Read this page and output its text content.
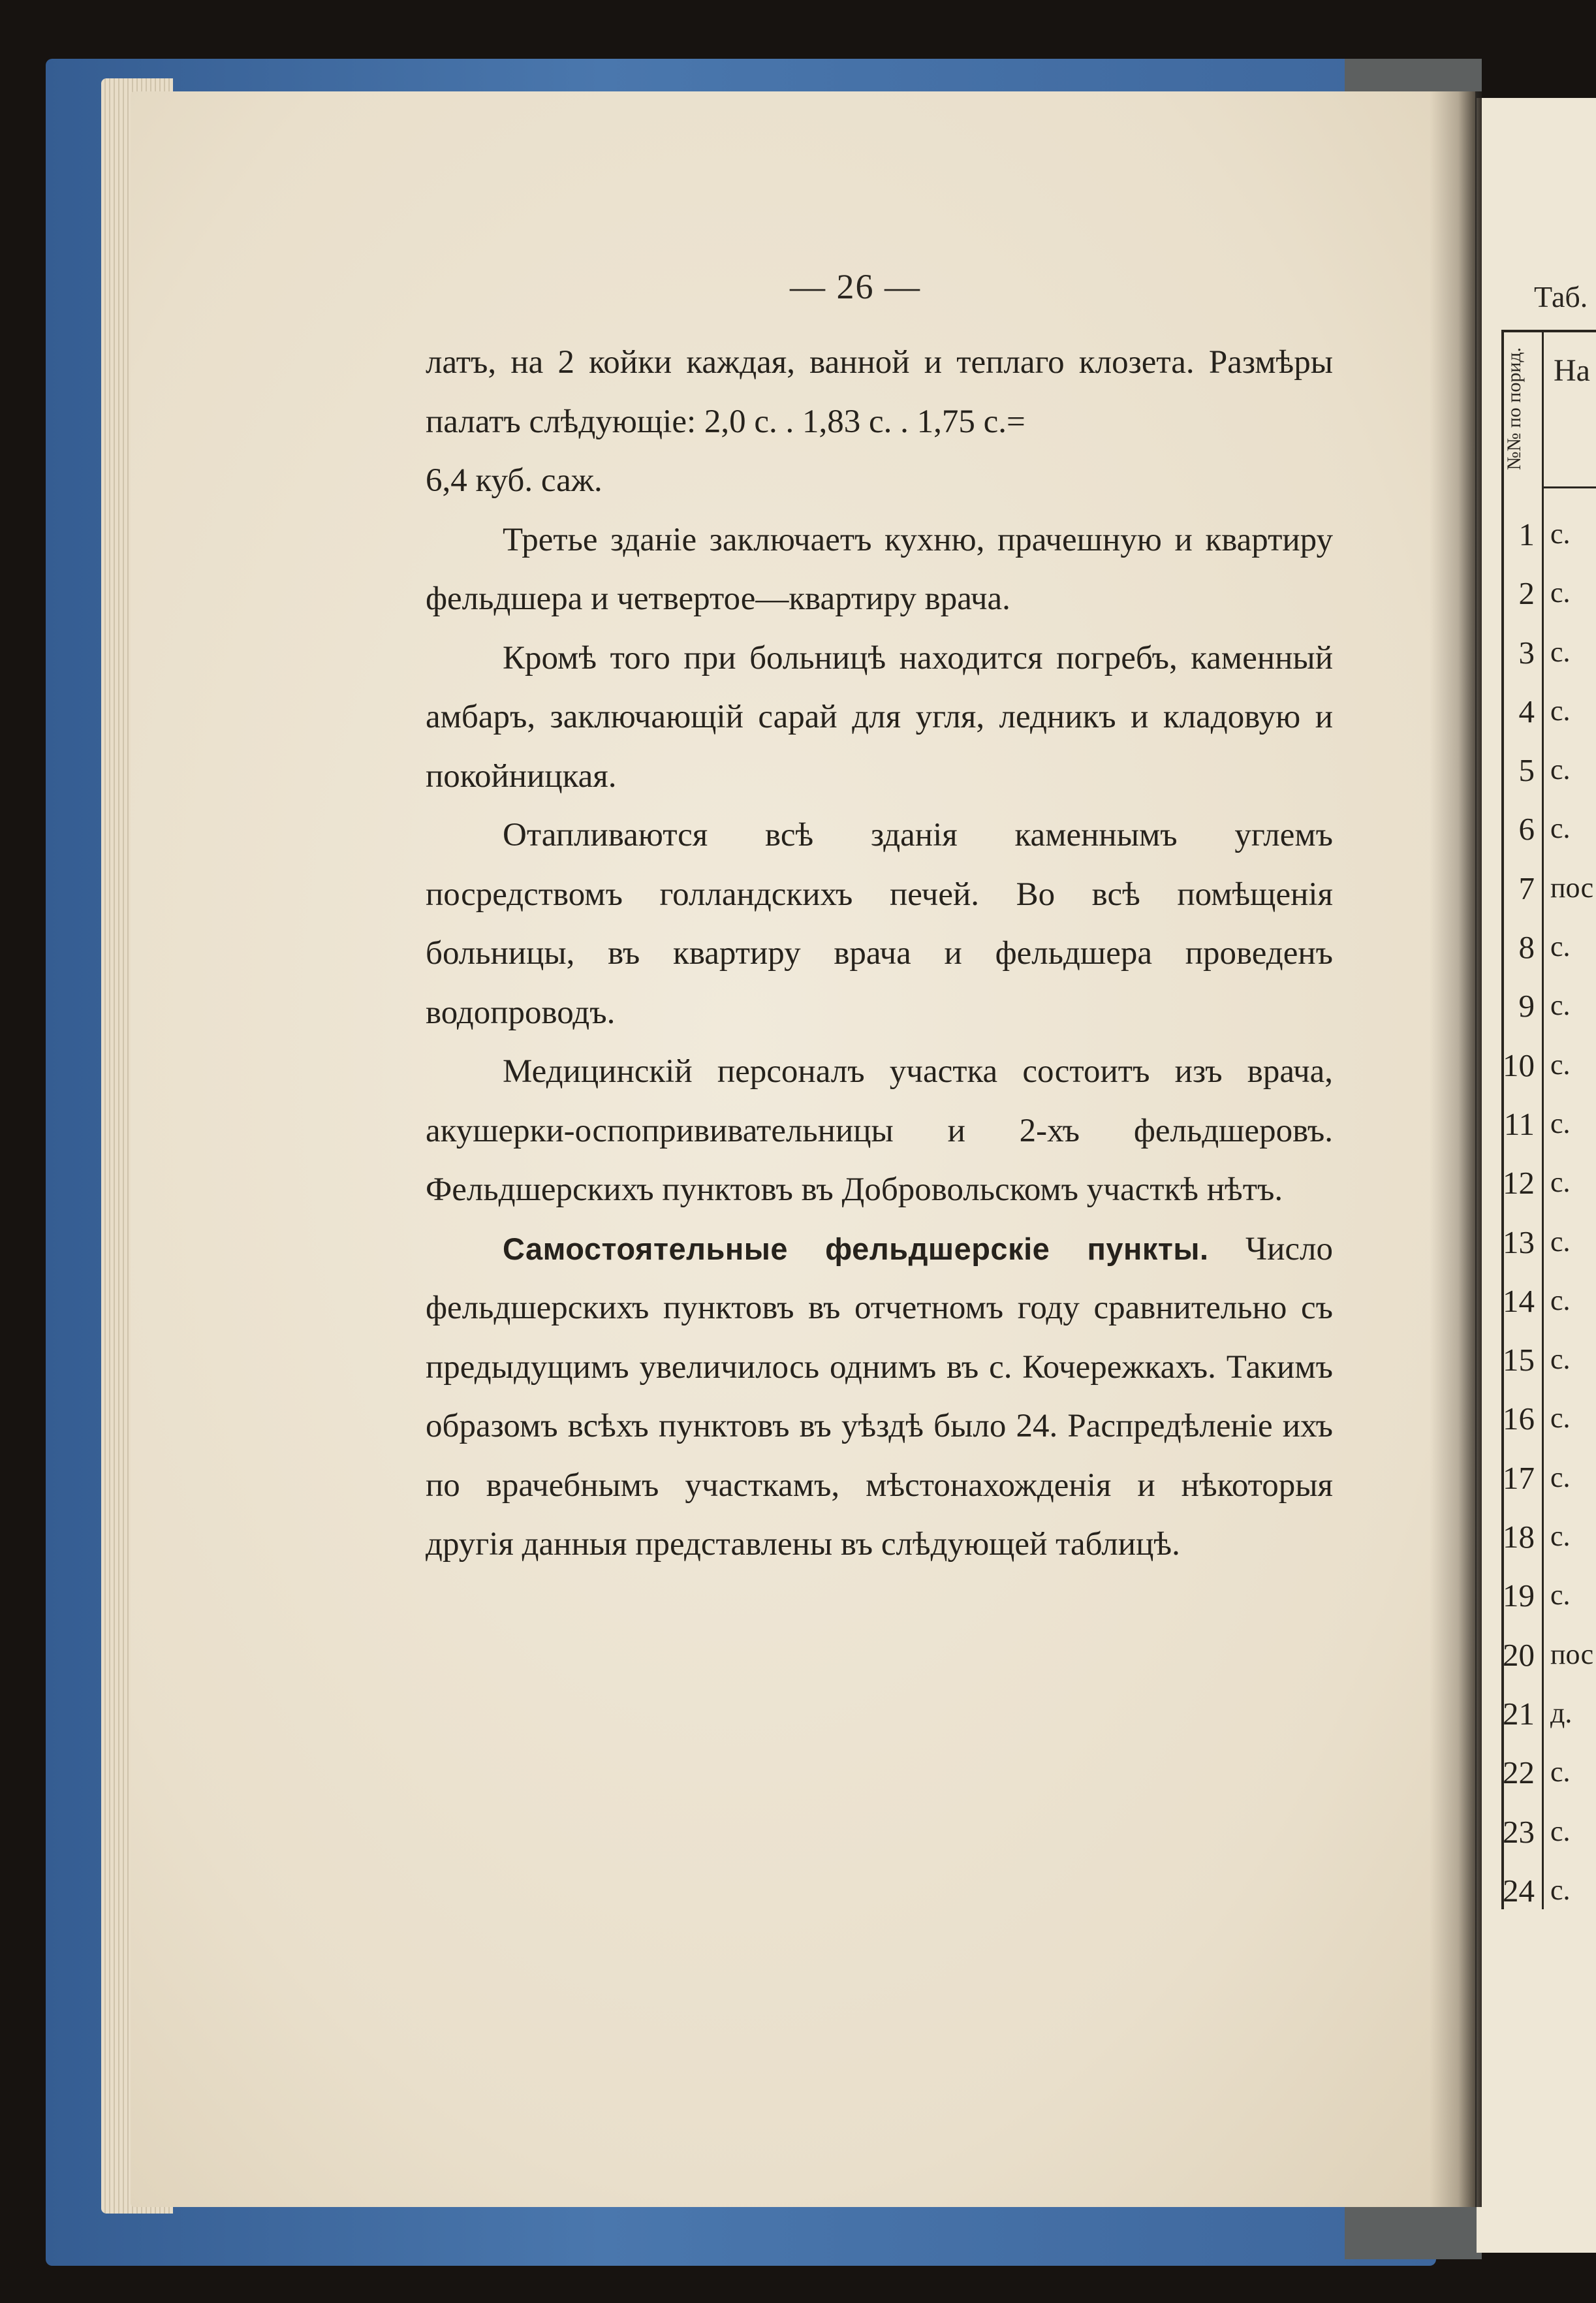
— 26 —

латъ, на 2 койки каждая, ванной и теплаго клозета. Размѣры палатъ слѣдующіе: 2,0 с. . 1,83 с. . 1,75 с.=
6,4 куб. саж.

Третье зданіе заключаетъ кухню, прачешную и квартиру фельдшера и четвертое—квартиру врача.

Кромѣ того при больницѣ находится погребъ, каменный амбаръ, заключающій сарай для угля, ледникъ и кладовую и покойницкая.

Отапливаются всѣ зданія каменнымъ углемъ посредствомъ голландскихъ печей. Во всѣ помѣщенія больницы, въ квартиру врача и фельдшера проведенъ водопроводъ.

Медицинскій персоналъ участка состоитъ изъ врача, акушерки-оспопрививательницы и 2-хъ фельдшеровъ. Фельдшерскихъ пунктовъ въ Добровольскомъ участкѣ нѣтъ.

Самостоятельные фельдшерскіе пункты. Число фельдшерскихъ пунктовъ въ отчетномъ году сравнительно съ предыдущимъ увеличилось однимъ въ с. Кочережкахъ. Такимъ образомъ всѣхъ пунктовъ въ уѣздѣ было 24. Распредѣленіе ихъ по врачебнымъ участкамъ, мѣстонахожденія и нѣкоторыя другія данныя представлены въ слѣдующей таблицѣ.

Таб.
№№ по порид. На
1 с.
2 с.
3 с.
4 с.
5 с.
6 с.
7 пос
8 с.
9 с.
10 с.
11 с.
12 с.
13 с.
14 с.
15 с.
16 с.
17 с.
18 с.
19 с.
20 пос
21 д.
22 с.
23 с.
24 с.
